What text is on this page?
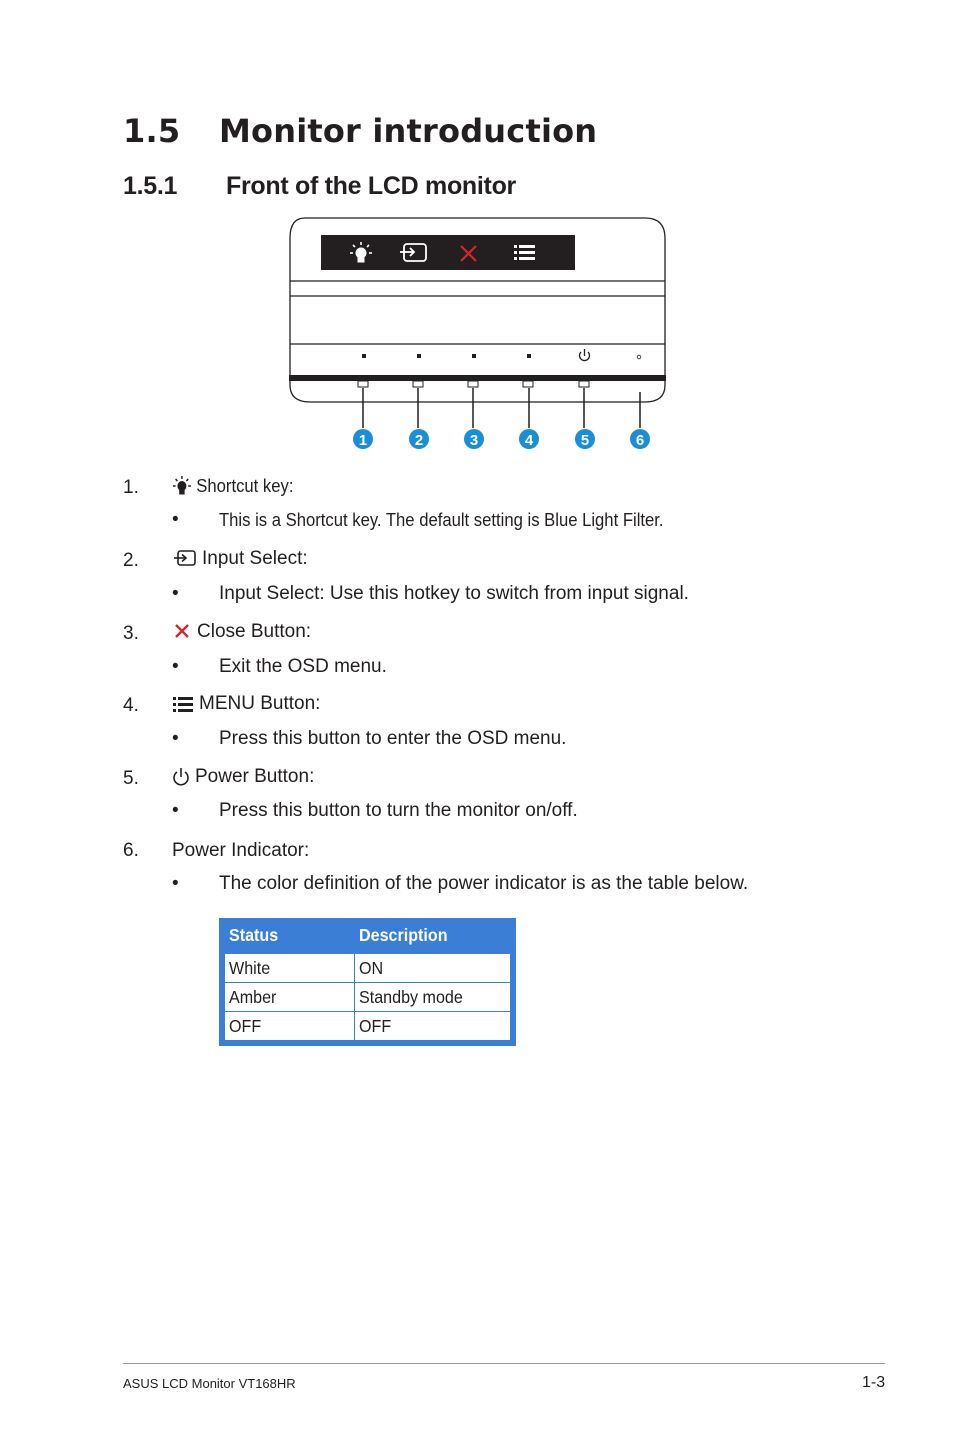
1.5 Monitor introduction
1.5.1 Front of the LCD monitor
1	2	3	4	5	6
1.	Shortcut key:
• This is a Shortcut key. The default setting is Blue Light Filter.
2.	Input Select:
• Input Select: Use this hotkey to switch from input signal.
3.	Close Button:
• Exit the OSD menu.
4.	MENU Button:
• Press this button to enter the OSD menu.
5.	Power Button:
• Press this button to turn the monitor on/off.
6. Power Indicator:
• The color definition of the power indicator is as the table below.
Status	Description
White	ON
Amber	Standby mode
OFF	OFF
ASUS LCD Monitor VT168HR	1-3
